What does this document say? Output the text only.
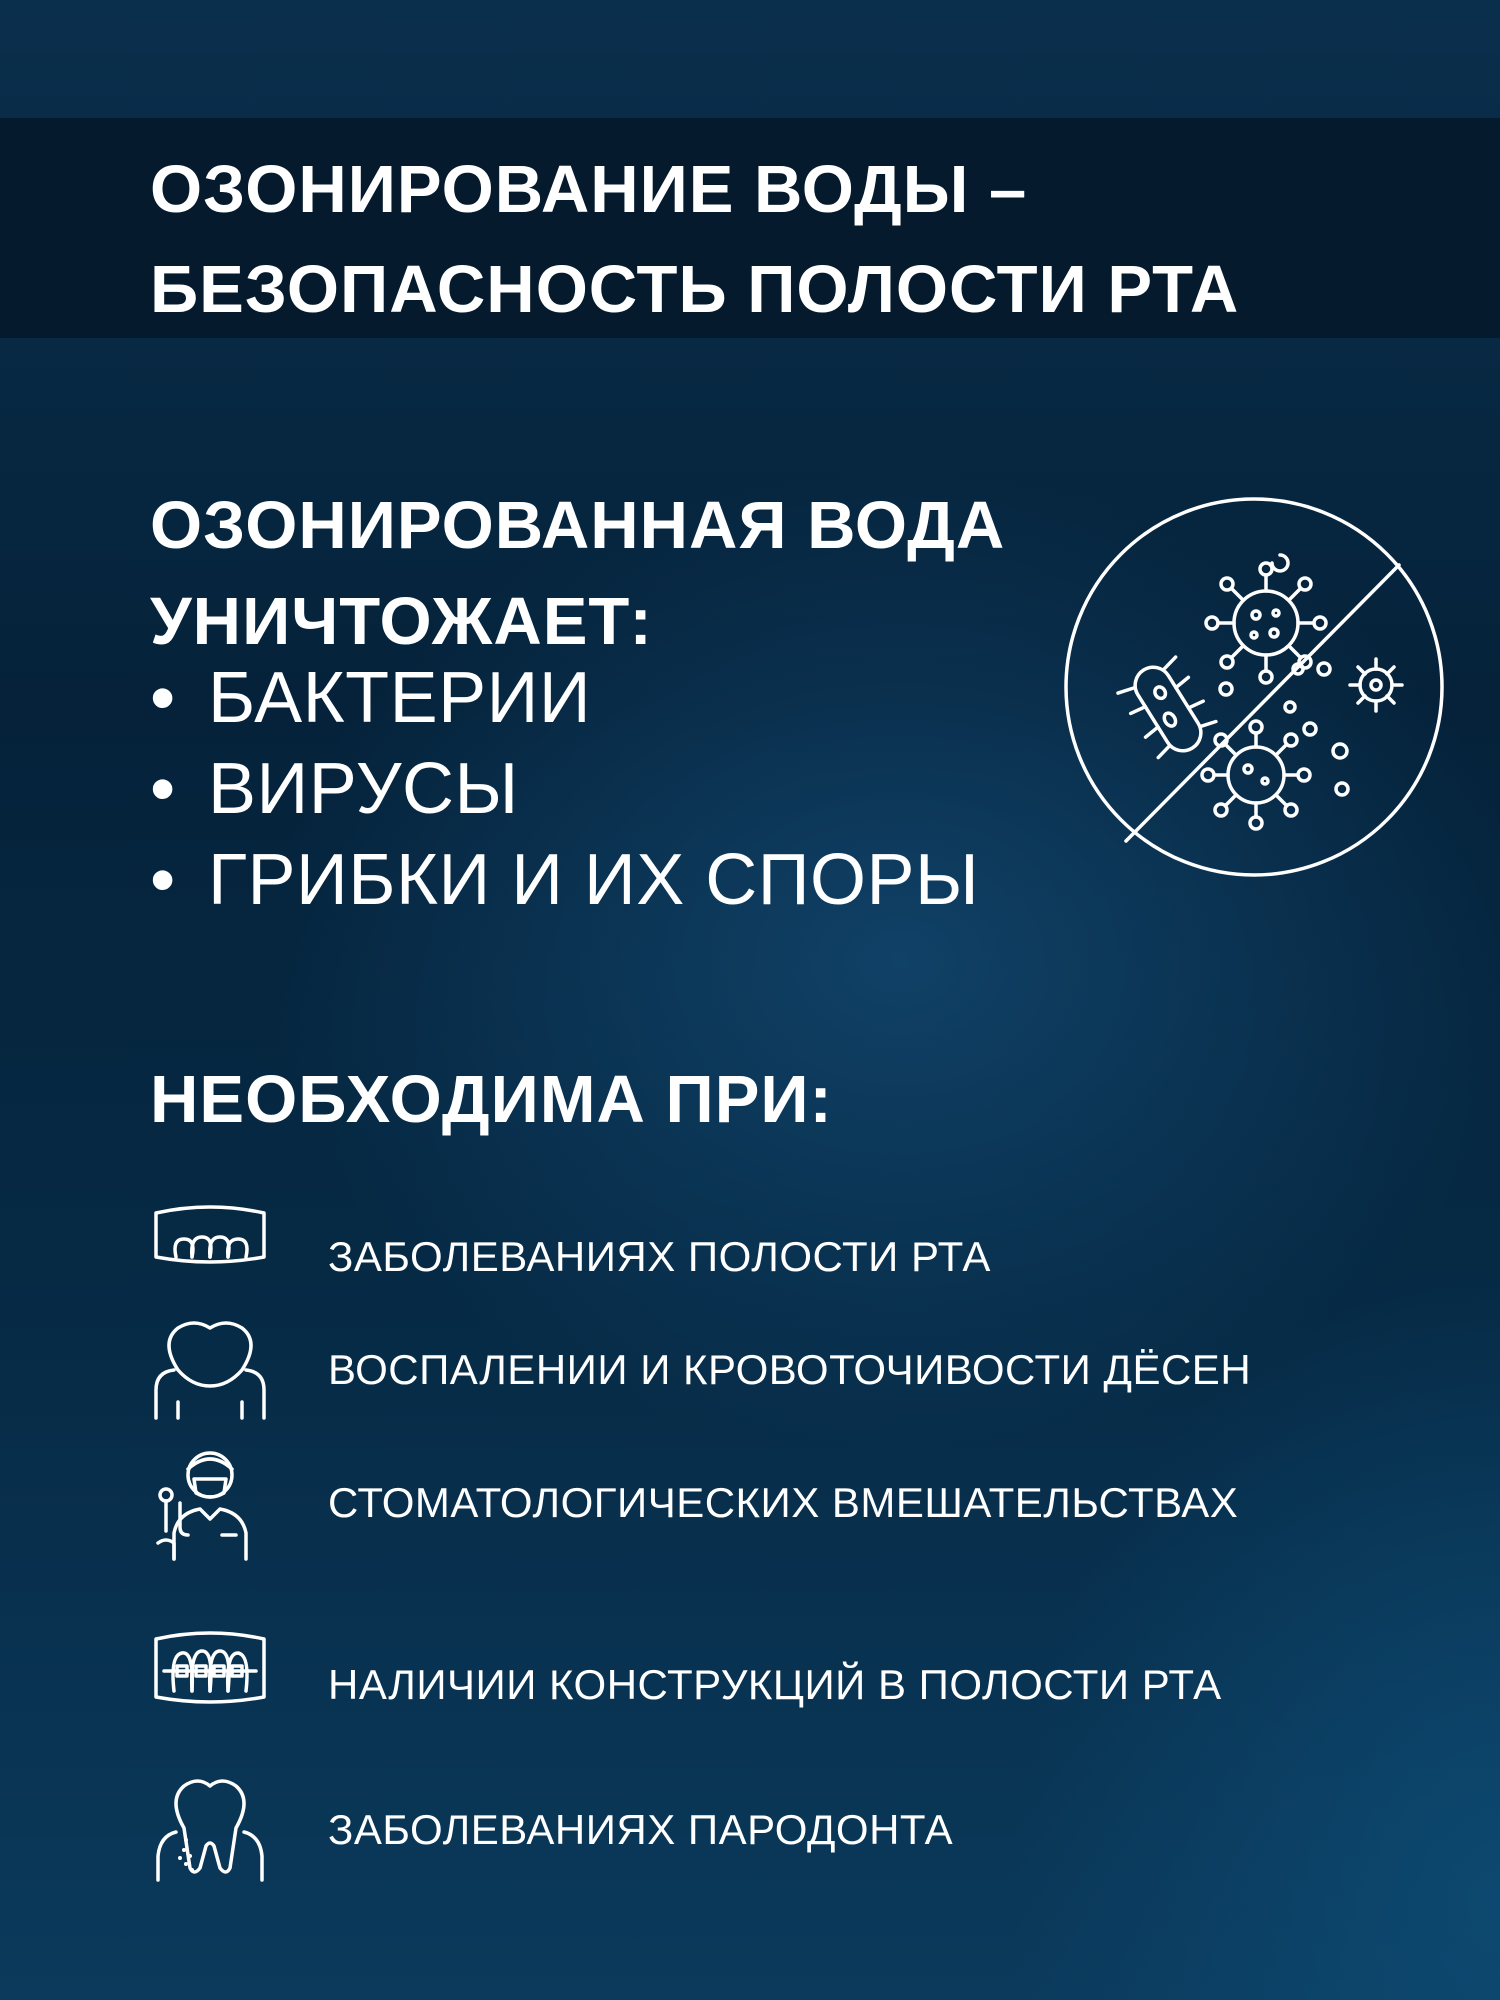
ОЗОНИРОВАНИЕ ВОДЫ –
БЕЗОПАСНОСТЬ ПОЛОСТИ РТА
ОЗОНИРОВАННАЯ ВОДА
УНИЧТОЖАЕТ:
• БАКТЕРИИ
• ВИРУСЫ
• ГРИБКИ И ИХ СПОРЫ
НЕОБХОДИМА ПРИ:
ЗАБОЛЕВАНИЯХ ПОЛОСТИ РТА
ВОСПАЛЕНИИ И КРОВОТОЧИВОСТИ ДЁСЕН
СТОМАТОЛОГИЧЕСКИХ ВМЕШАТЕЛЬСТВАХ
НАЛИЧИИ КОНСТРУКЦИЙ В ПОЛОСТИ РТА
ЗАБОЛЕВАНИЯХ ПАРОДОНТА
